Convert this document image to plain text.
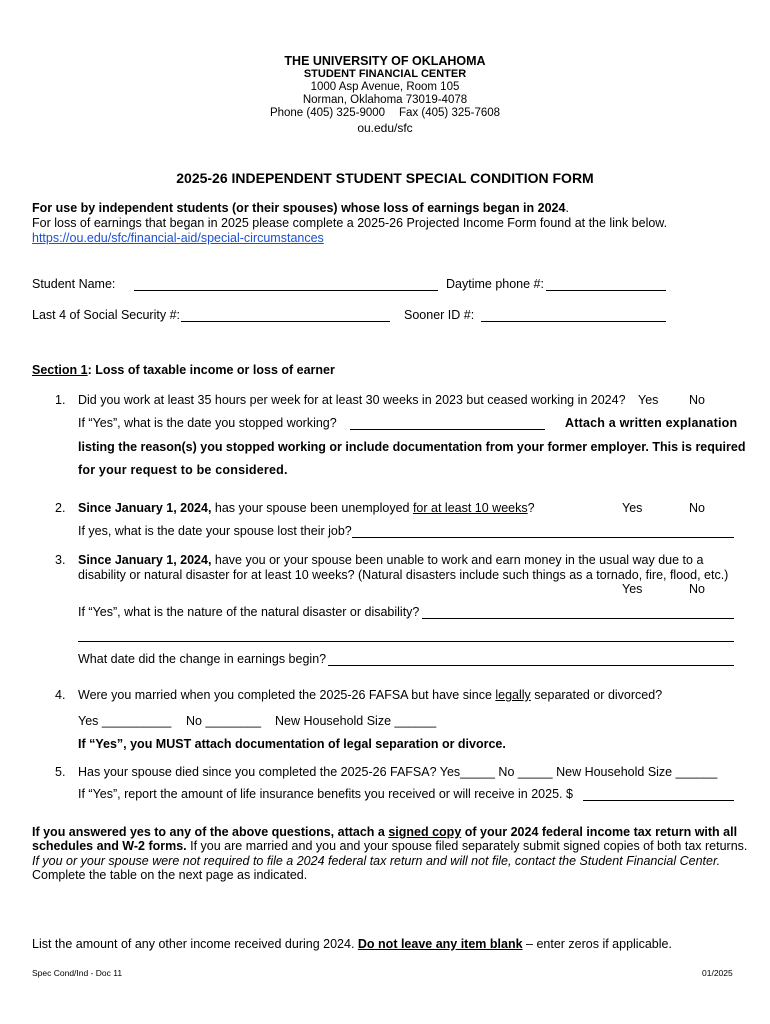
THE UNIVERSITY OF OKLAHOMA
STUDENT FINANCIAL CENTER
1000 Asp Avenue, Room 105
Norman, Oklahoma 73019-4078
Phone (405) 325-9000 Fax (405) 325-7608
ou.edu/sfc
2025-26 INDEPENDENT STUDENT SPECIAL CONDITION FORM
For use by independent students (or their spouses) whose loss of earnings began in 2024.
For loss of earnings that began in 2025 please complete a 2025-26 Projected Income Form found at the link below.
https://ou.edu/sfc/financial-aid/special-circumstances
Student Name:	Daytime phone #:
Last 4 of Social Security #:	Sooner ID #:
Section 1: Loss of taxable income or loss of earner
1. Did you work at least 35 hours per week for at least 30 weeks in 2023 but ceased working in 2024? Yes No
If “Yes”, what is the date you stopped working?	Attach a written explanation
listing the reason(s) you stopped working or include documentation from your former employer. This is required
for your request to be considered.
2. Since January 1, 2024, has your spouse been unemployed for at least 10 weeks?	Yes	No
If yes, what is the date your spouse lost their job?
3. Since January 1, 2024, have you or your spouse been unable to work and earn money in the usual way due to a
disability or natural disaster for at least 10 weeks? (Natural disasters include such things as a tornado, fire, flood, etc.)
Yes	No
If “Yes”, what is the nature of the natural disaster or disability?
What date did the change in earnings begin?
4. Were you married when you completed the 2025-26 FAFSA but have since legally separated or divorced?
Yes __________ No ________ New Household Size ______
If “Yes”, you MUST attach documentation of legal separation or divorce.
5. Has your spouse died since you completed the 2025-26 FAFSA? Yes_____ No _____ New Household Size ______
If “Yes”, report the amount of life insurance benefits you received or will receive in 2025. $
If you answered yes to any of the above questions, attach a signed copy of your 2024 federal income tax return with all
schedules and W-2 forms. If you are married and you and your spouse filed separately submit signed copies of both tax returns.
If you or your spouse were not required to file a 2024 federal tax return and will not file, contact the Student Financial Center.
Complete the table on the next page as indicated.
List the amount of any other income received during 2024. Do not leave any item blank – enter zeros if applicable.
Spec Cond/Ind - Doc 11	01/2025
